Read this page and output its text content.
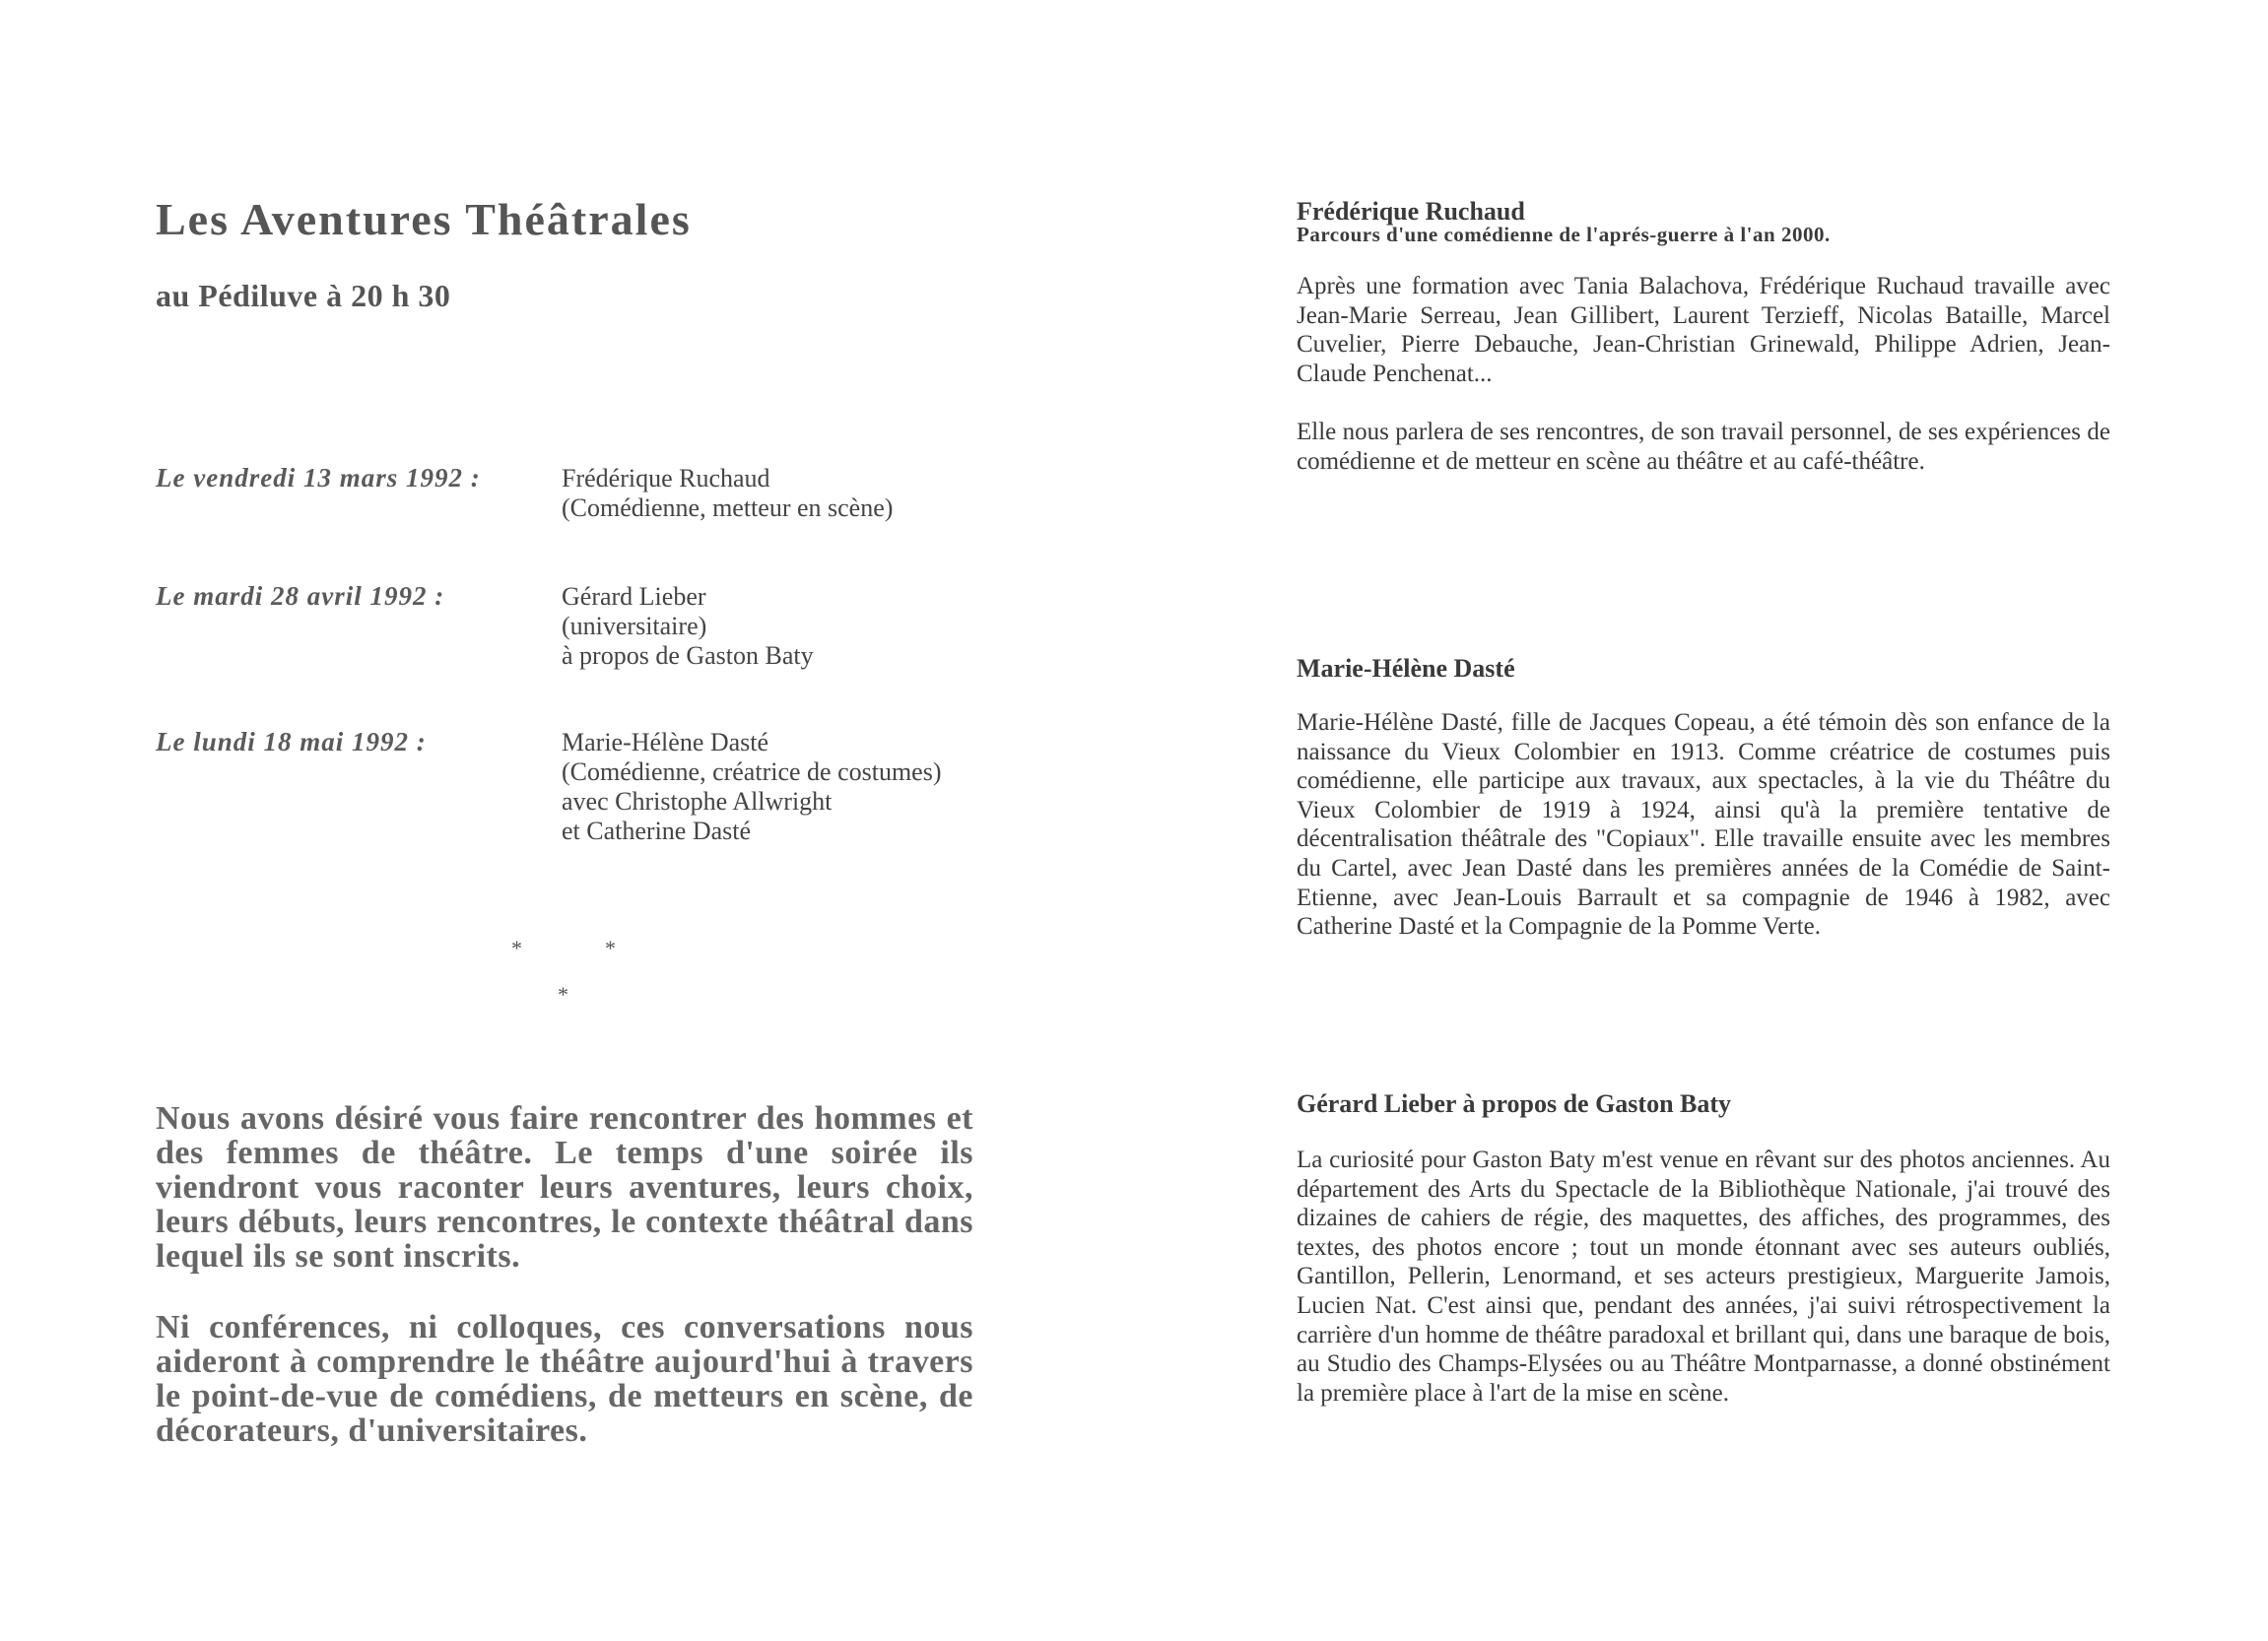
Les Aventures Théâtrales
au Pédiluve à 20 h 30
Le vendredi 13 mars 1992 :	Frédérique Ruchaud
(Comédienne, metteur en scène)
Le mardi 28 avril 1992 :	Gérard Lieber
(universitaire)
à propos de Gaston Baty
Le lundi 18 mai 1992 :	Marie-Hélène Dasté
(Comédienne, créatrice de costumes)
avec Christophe Allwright
et Catherine Dasté
*	*
*
Nous avons désiré vous faire rencontrer des hommes et des femmes de théâtre. Le temps d'une soirée ils viendront vous raconter leurs aventures, leurs choix, leurs débuts, leurs rencontres, le contexte théâtral dans lequel ils se sont inscrits.
Ni conférences, ni colloques, ces conversations nous aideront à comprendre le théâtre aujourd'hui à travers le point-de-vue de comédiens, de metteurs en scène, de décorateurs, d'universitaires.
Frédérique Ruchaud
Parcours d'une comédienne de l'aprés-guerre à l'an 2000.
Après une formation avec Tania Balachova, Frédérique Ruchaud travaille avec Jean-Marie Serreau, Jean Gillibert, Laurent Terzieff, Nicolas Bataille, Marcel Cuvelier, Pierre Debauche, Jean-Christian Grinewald, Philippe Adrien, Jean-Claude Penchenat...
Elle nous parlera de ses rencontres, de son travail personnel, de ses expériences de comédienne et de metteur en scène au théâtre et au café-théâtre.
Marie-Hélène Dasté
Marie-Hélène Dasté, fille de Jacques Copeau, a été témoin dès son enfance de la naissance du Vieux Colombier en 1913. Comme créatrice de costumes puis comédienne, elle participe aux travaux, aux spectacles, à la vie du Théâtre du Vieux Colombier de 1919 à 1924, ainsi qu'à la première tentative de décentralisation théâtrale des "Copiaux". Elle travaille ensuite avec les membres du Cartel, avec Jean Dasté dans les premières années de la Comédie de Saint-Etienne, avec Jean-Louis Barrault et sa compagnie de 1946 à 1982, avec Catherine Dasté et la Compagnie de la Pomme Verte.
Gérard Lieber à propos de Gaston Baty
La curiosité pour Gaston Baty m'est venue en rêvant sur des photos anciennes. Au département des Arts du Spectacle de la Bibliothèque Nationale, j'ai trouvé des dizaines de cahiers de régie, des maquettes, des affiches, des programmes, des textes, des photos encore ; tout un monde étonnant avec ses auteurs oubliés, Gantillon, Pellerin, Lenormand, et ses acteurs prestigieux, Marguerite Jamois, Lucien Nat. C'est ainsi que, pendant des années, j'ai suivi rétrospectivement la carrière d'un homme de théâtre paradoxal et brillant qui, dans une baraque de bois, au Studio des Champs-Elysées ou au Théâtre Montparnasse, a donné obstinément la première place à l'art de la mise en scène.
